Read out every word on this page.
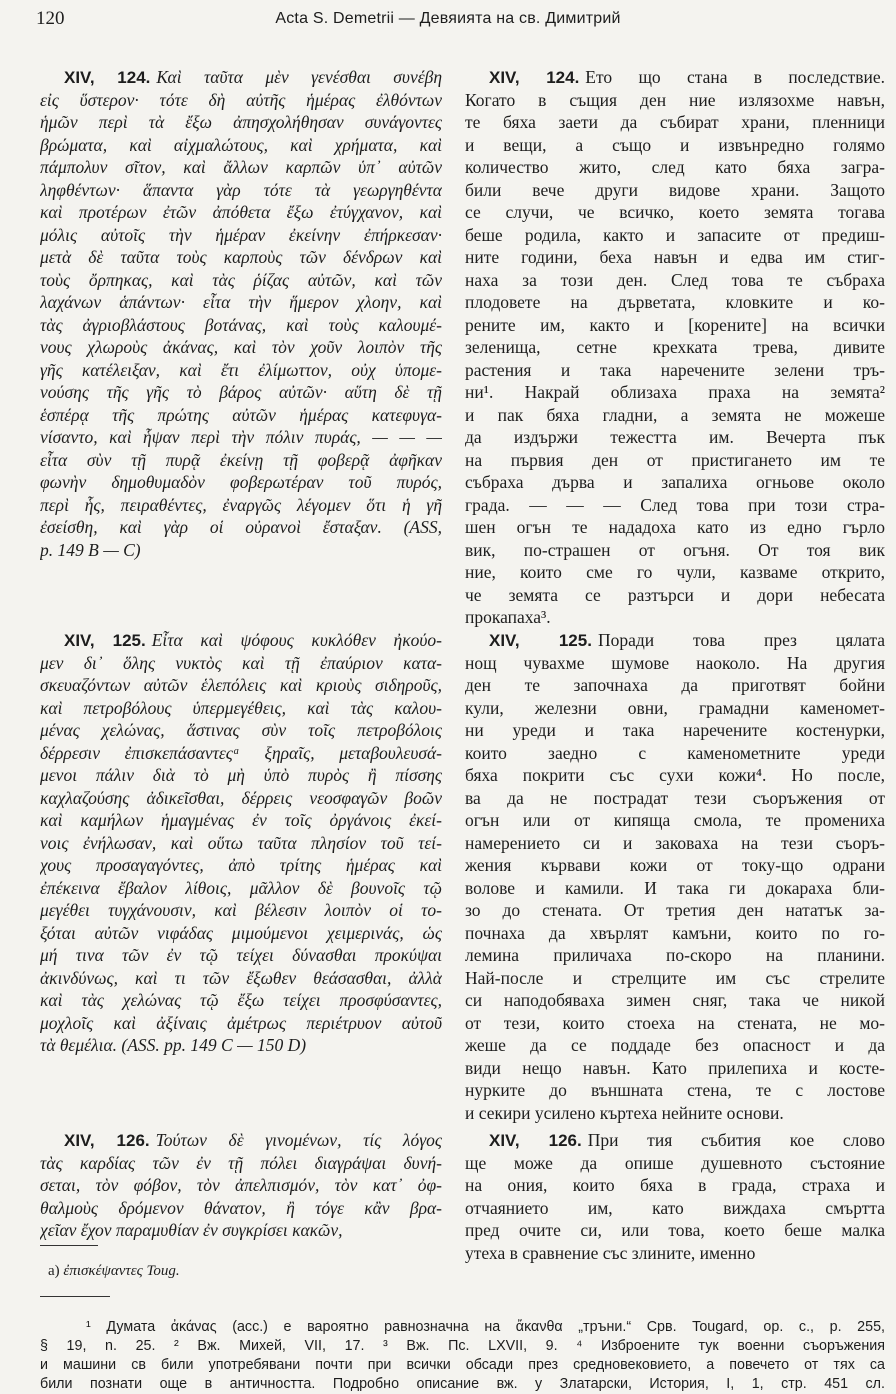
120	Acta S. Demetrii — Девяията на св. Димитрий
XIV, 124. Καὶ ταῦτα μὲν γενέσθαι συνέβη
εἰς ὕστερον· τότε δὴ αὐτῆς ἡμέρας ἐλθόντων
ἡμῶν περὶ τὰ ἔξω ἀπησχολήθησαν συνάγοντες
βρώματα, καὶ αἰχμαλώτους, καὶ χρήματα, καὶ
πάμπολυν σῖτον, καὶ ἄλλων καρπῶν ὑπ᾽ αὐτῶν
ληφθέντων· ἅπαντα γὰρ τότε τὰ γεωργηθέντα
καὶ προτέρων ἐτῶν ἀπόθετα ἔξω ἐτύγχανον, καὶ
μόλις αὐτοῖς τὴν ἡμέραν ἐκείνην ἐπήρκεσαν·
μετὰ δὲ ταῦτα τοὺς καρποὺς τῶν δένδρων καὶ
τοὺς ὄρπηκας, καὶ τὰς ῥίζας αὐτῶν, καὶ τῶν
λαχάνων ἁπάντων· εἶτα τὴν ἥμερον χλοην, καὶ
τὰς ἀγριοβλάστους βοτάνας, καὶ τοὺς καλουμέ-
νους χλωροὺς ἀκάνας, καὶ τὸν χοῦν λοιπὸν τῆς
γῆς κατέλειξαν, καὶ ἔτι ἐλίμωττον, οὐχ ὑπομε-
νούσης τῆς γῆς τὸ βάρος αὐτῶν· αὕτη δὲ τῇ
ἑσπέρᾳ τῆς πρώτης αὐτῶν ἡμέρας κατεφυγα-
νίσαντο, καὶ ἧψαν περὶ τὴν πόλιν πυράς, — — —
εἶτα σὺν τῇ πυρᾷ ἐκείνῃ τῇ φοβερᾷ ἀφῆκαν
φωνὴν δημοθυμαδὸν φοβερωτέραν τοῦ πυρός,
περὶ ἧς, πειραθέντες, ἐναργῶς λέγομεν ὅτι ἡ γῆ
ἐσείσθη, καὶ γὰρ οἱ οὐρανοὶ ἔσταξαν. (ASS,
p. 149 B — C)
XIV, 125. Εἶτα καὶ ψόφους κυκλόθεν ἠκούο-
μεν δι᾽ ὅλης νυκτὸς καὶ τῇ ἐπαύριον κατα-
σκευαζόντων αὐτῶν ἑλεπόλεις καὶ κριοὺς σιδηροῦς,
καὶ πετροβόλους ὑπερμεγέθεις, καὶ τὰς καλου-
μένας χελώνας, ἅστινας σὺν τοῖς πετροβόλοις
δέρρεσιν ἐπισκεπάσαντεςᵃ ξηραῖς, μεταβουλευσά-
μενοι πάλιν διὰ τὸ μὴ ὑπὸ πυρὸς ἢ πίσσης
καχλαζούσης ἀδικεῖσθαι, δέρρεις νεοσφαγῶν βοῶν
καὶ καμήλων ἡμαγμένας ἐν τοῖς ὀργάνοις ἐκεί-
νοις ἐνήλωσαν, καὶ οὕτω ταῦτα πλησίον τοῦ τεί-
χους προσαγαγόντες, ἀπὸ τρίτης ἡμέρας καὶ
ἐπέκεινα ἔβαλον λίθοις, μᾶλλον δὲ βουνοῖς τῷ
μεγέθει τυγχάνουσιν, καὶ βέλεσιν λοιπὸν οἱ το-
ξόται αὐτῶν νιφάδας μιμούμενοι χειμερινάς, ὡς
μή τινα τῶν ἐν τῷ τείχει δύνασθαι προκύψαι
ἀκινδύνως, καὶ τι τῶν ἔξωθεν θεάσασθαι, ἀλλὰ
καὶ τὰς χελώνας τῷ ἔξω τείχει προσφύσαντες,
μοχλοῖς καὶ ἀξίναις ἀμέτρως περιέτρυον αὐτοῦ
τὰ θεμέλια. (ASS. pp. 149 C — 150 D)
XIV, 126. Τούτων δὲ γινομένων, τίς λόγος
τὰς καρδίας τῶν ἐν τῇ πόλει διαγράψαι δυνή-
σεται, τὸν φόβον, τὸν ἀπελπισμόν, τὸν κατ᾽ ὀφ-
θαλμοὺς δρόμενον θάνατον, ἢ τόγε κἂν βρα-
χεῖαν ἔχον παραμυθίαν ἐν συγκρίσει κακῶν,
XIV, 124. Ето що стана в последствие.
Когато в същия ден ние излязохме навън,
те бяха заети да събират храни, пленници
и вещи, а също и извънредно голямо
количество жито, след като бяха загра-
били вече други видове храни. Защото
се случи, че всичко, което земята тогава
беше родила, както и запасите от предиш-
ните години, беха навън и едва им стиг-
наха за този ден. След това те събраха
плодовете на дърветата, кловките и ко-
рените им, както и [корените] на всички
зеленища, сетне крехката трева, дивите
растения и така наречените зелени тръ-
ни¹. Накрай облизаха праха на земята²
и пак бяха гладни, а земята не можеше
да издържи тежестта им. Вечерта пък
на първия ден от пристигането им те
събраха дърва и запалиха огньове около
града. — — — След това при този стра-
шен огън те нададоха като из едно гърло
вик, по-страшен от огъня. От тоя вик
ние, които сме го чули, казваме открито,
че земята се разтърси и дори небесата
прокапаха³.
XIV, 125. Поради това през цялата
нощ чувахме шумове наоколо. На другия
ден те започнаха да приготвят бойни
кули, железни овни, грамадни каменомет-
ни уреди и така наречените костенурки,
които заедно с каменометните уреди
бяха покрити със сухи кожи⁴. Но после,
ва да не пострадат тези съоръжения от
огън или от кипяща смола, те промениха
намерението си и заковаха на тези съоръ-
жения кървави кожи от току-що одрани
волове и камили. И така ги докараха бли-
зо до стената. От третия ден нататък за-
почнаха да хвърлят камъни, които по го-
лемина приличаха по-скоро на планини.
Най-после и стрелците им със стрелите
си наподобяваха зимен сняг, така че никой
от тези, които стоеха на стената, не мо-
жеше да се поддаде без опасност и да
види нещо навън. Като прилепиха и косте-
нурките до външната стена, те с лостове
и секири усилено къртеха нейните основи.
XIV, 126. При тия събития кое слово
ще може да опише душевното състояние
на ония, които бяха в града, страха и
отчаянието им, като виждаха смъртта
пред очите си, или това, което беше малка
утеха в сравнение със злините, именно
a) ἐπισκέψαντες Toug.
¹ Думата ἀκάνας (асс.) е вароятно равнозначна на ἄκανθα „тръни.“ Срв. Tougard, op. c., p. 255,
§ 19, n. 25. ² Вж. Михей, VII, 17. ³ Вж. Пс. LXVII, 9. ⁴ Изброените тук военни съоръжения
и машини св били употребявани почти при всички обсади през средновековието, а повечето от тях са
били познати още в античността. Подробно описание вж. у Златарски, История, I, 1, стр. 451 сл.
